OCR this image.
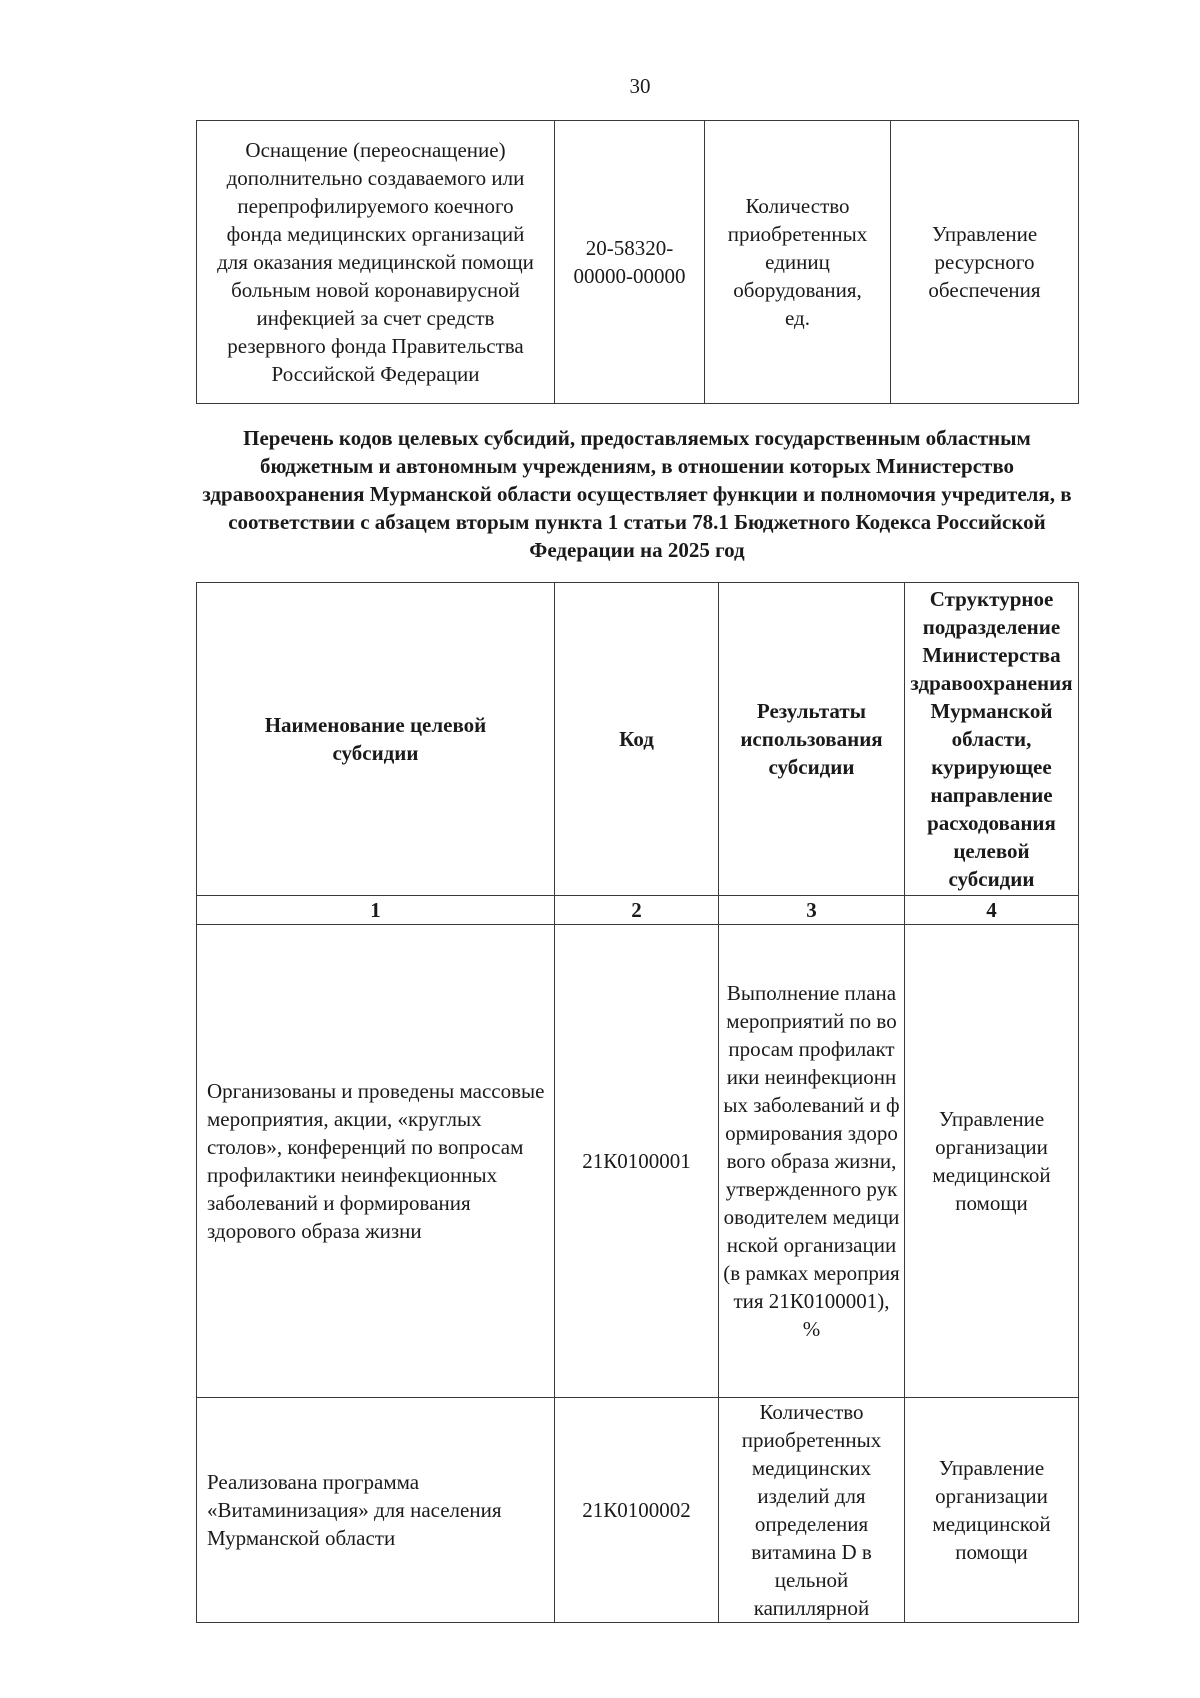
30
Оснащение (переоснащение) дополнительно создаваемого или перепрофилируемого коечного фонда медицинских организаций для оказания медицинской помощи больным новой коронавирусной инфекцией за счет средств резервного фонда Правительства Российской Федерации	20-58320-00000-00000	Количество приобретенных единиц оборудования, ед.	Управление ресурсного обеспечения
Перечень кодов целевых субсидий, предоставляемых государственным областным бюджетным и автономным учреждениям, в отношении которых Министерство здравоохранения Мурманской области осуществляет функции и полномочия учредителя, в соответствии с абзацем вторым пункта 1 статьи 78.1 Бюджетного Кодекса Российской Федерации на 2025 год
Наименование целевой субсидии	Код	Результаты использования субсидии	Структурное подразделение Министерства здравоохранения Мурманской области, курирующее направление расходования целевой субсидии
1	2	3	4
Организованы и проведены массовые мероприятия, акции, «круглых столов», конференций по вопросам профилактики неинфекционных заболеваний и формирования здорового образа жизни	21К0100001	Выполнение плана мероприятий по вопросам профилактики неинфекционных заболеваний и формирования здорового образа жизни, утвержденного руководителем медицинской организации (в рамках мероприятия 21К0100001), %	Управление организации медицинской помощи
Реализована программа «Витаминизация» для населения Мурманской области	21К0100002	Количество приобретенных медицинских изделий для определения витамина D в цельной капиллярной	Управление организации медицинской помощи
